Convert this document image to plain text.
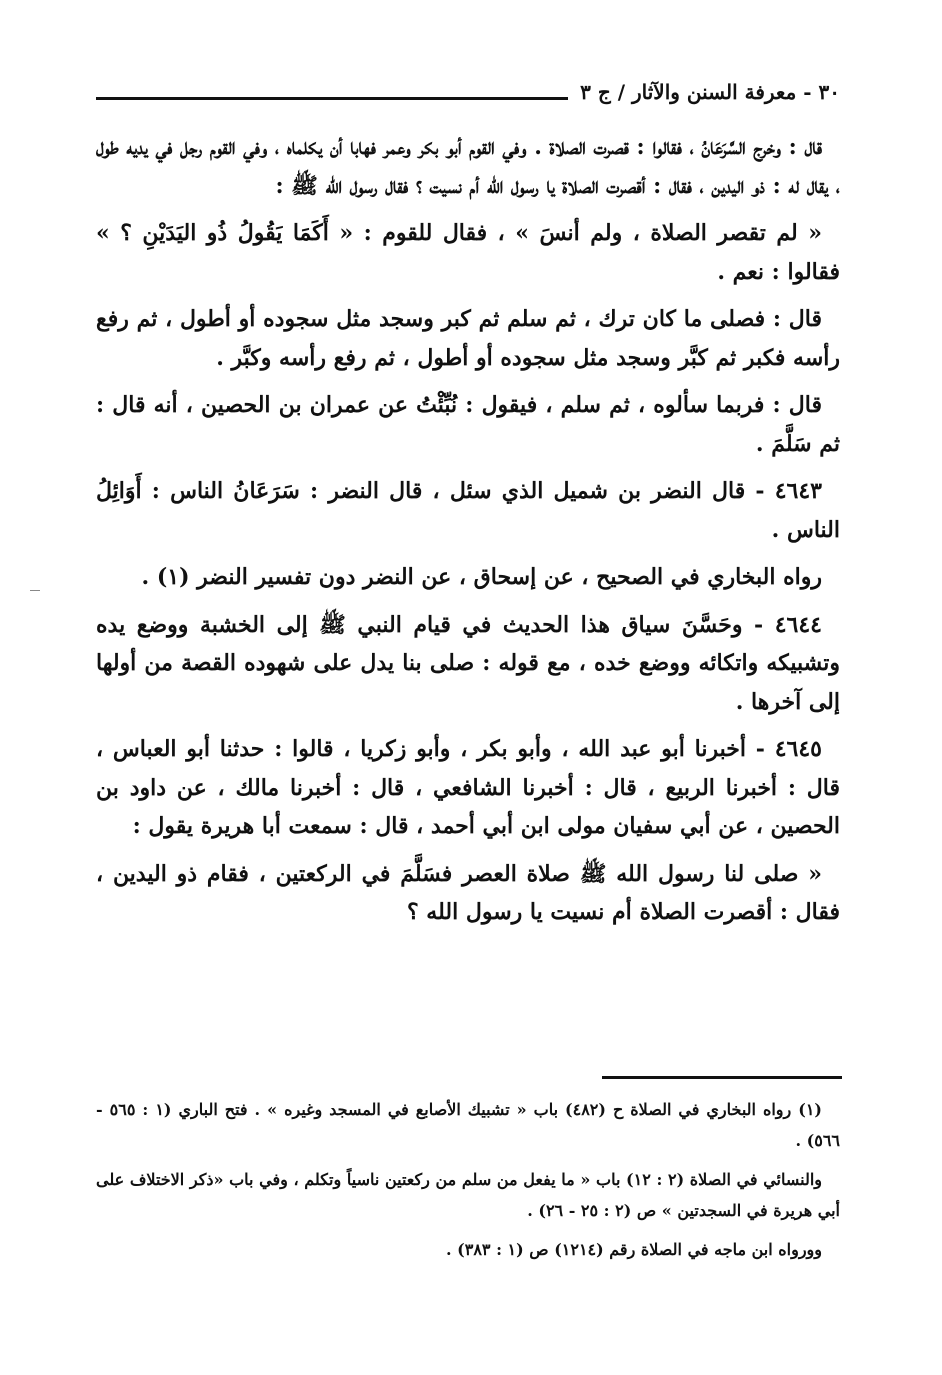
٣٠ - معرفة السنن والآثار / ج ٣

قال : وخرج السَّرَعَانُ ، فقالوا : قصرت الصلاة . وفي القوم أبو بكر وعمر فهابا أن يكلماه ، وفي القوم رجل في يديه طول ، يقال له : ذو اليدين ، فقال : أقصرت الصلاة يا رسول الله أم نسيت ؟ فقال رسول الله ﷺ :

« لم تقصر الصلاة ، ولم أنسَ » ، فقال للقوم : « أَكَمَا يَقُولُ ذُو اليَدَيْنِ ؟ » فقالوا : نعم .

قال : فصلى ما كان ترك ، ثم سلم ثم كبر وسجد مثل سجوده أو أطول ، ثم رفع رأسه فكبر ثم كبَّر وسجد مثل سجوده أو أطول ، ثم رفع رأسه وكبَّر .

قال : فربما سألوه ، ثم سلم ، فيقول : نُبِّئْتُ عن عمران بن الحصين ، أنه قال : ثم سَلَّمَ .

٤٦٤٣ - قال النضر بن شميل الذي سئل ، قال النضر : سَرَعَانُ الناس : أَوَائِلُ الناس .

رواه البخاري في الصحيح ، عن إسحاق ، عن النضر دون تفسير النضر (١) .

٤٦٤٤ - وحَسَّنَ سياق هذا الحديث في قيام النبي ﷺ إلى الخشبة ووضع يده وتشبيكه واتكائه ووضع خده ، مع قوله : صلى بنا يدل على شهوده القصة من أولها إلى آخرها .

٤٦٤٥ - أخبرنا أبو عبد الله ، وأبو بكر ، وأبو زكريا ، قالوا : حدثنا أبو العباس ، قال : أخبرنا الربيع ، قال : أخبرنا الشافعي ، قال : أخبرنا مالك ، عن داود بن الحصين ، عن أبي سفيان مولى ابن أبي أحمد ، قال : سمعت أبا هريرة يقول :

« صلى لنا رسول الله ﷺ صلاة العصر فسَلَّمَ في الركعتين ، فقام ذو اليدين ، فقال : أقصرت الصلاة أم نسيت يا رسول الله ؟

(١) رواه البخاري في الصلاة ح (٤٨٢) باب « تشبيك الأصابع في المسجد وغيره » . فتح الباري (١ : ٥٦٥ - ٥٦٦) .

والنسائي في الصلاة (٢ : ١٢) باب « ما يفعل من سلم من ركعتين ناسياً وتكلم ، وفي باب «ذكر الاختلاف على أبي هريرة في السجدتين » ص (٢ : ٢٥ - ٢٦) .

وورواه ابن ماجه في الصلاة رقم (١٢١٤) ص (١ : ٣٨٣) .
